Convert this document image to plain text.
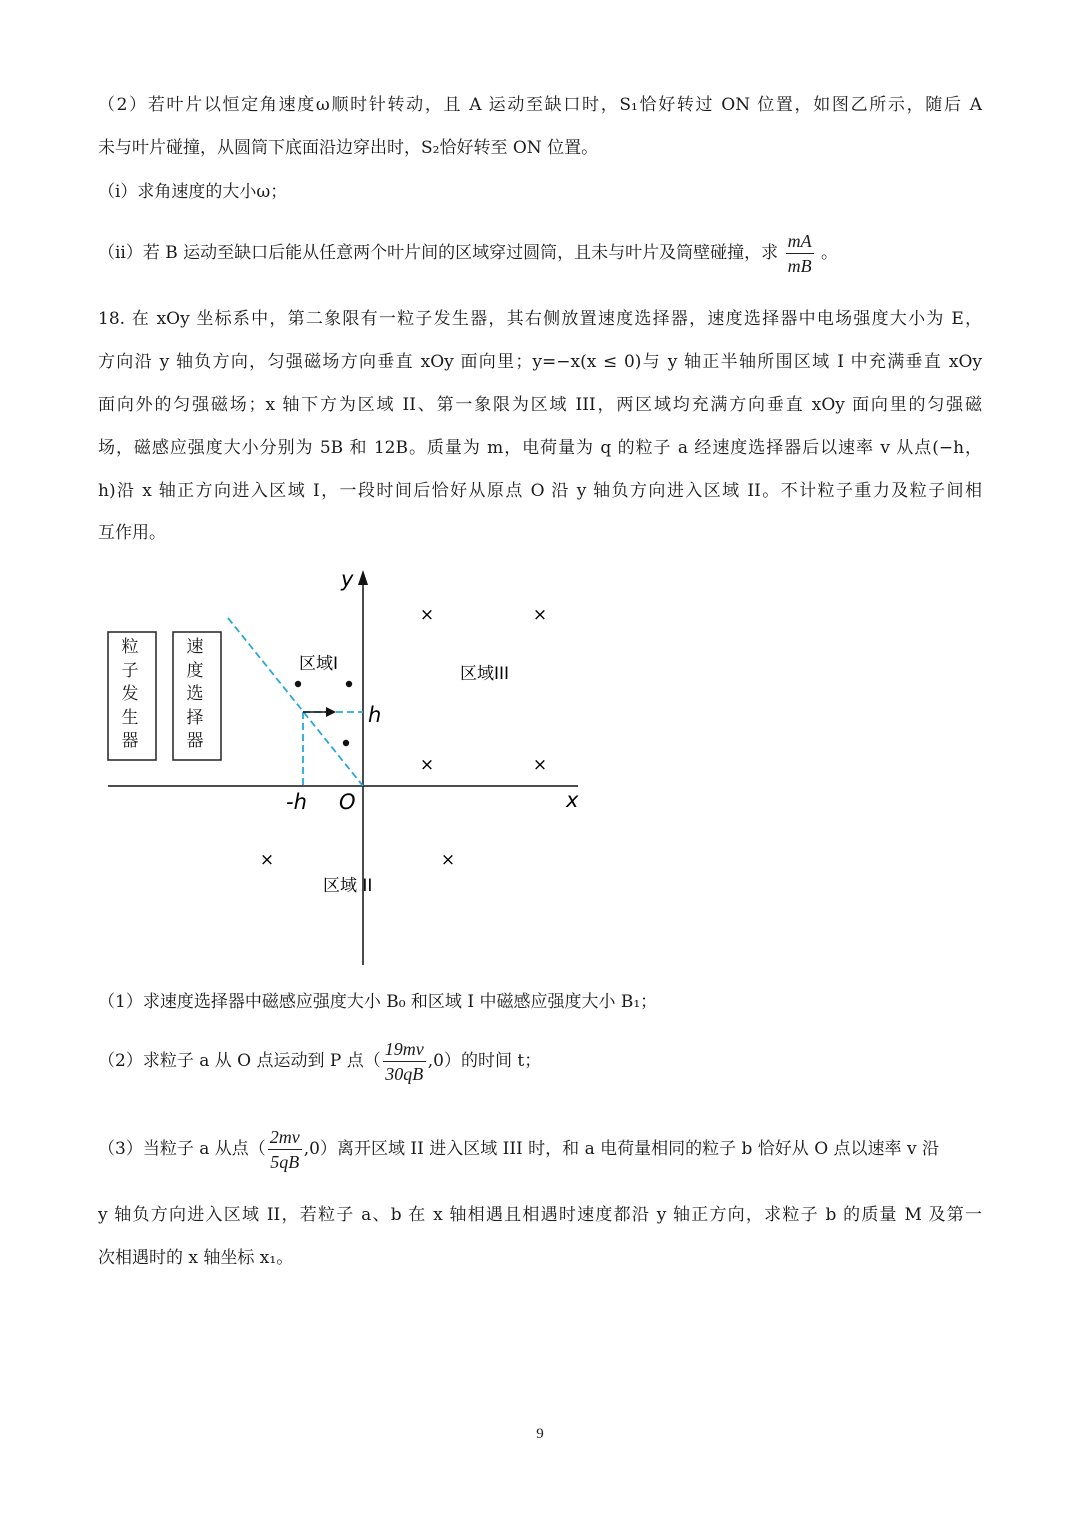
（2）若叶片以恒定角速度ω顺时针转动，且 A 运动至缺口时，S₁恰好转过 ON 位置，如图乙所示，随后 A
未与叶片碰撞，从圆筒下底面沿边穿出时，S₂恰好转至 ON 位置。
（i）求角速度的大小ω；
（ii）若 B 运动至缺口后能从任意两个叶片间的区域穿过圆筒，且未与叶片及筒壁碰撞，求 $\frac{mA}{mB}$ 。
18. 在 xOy 坐标系中，第二象限有一粒子发生器，其右侧放置速度选择器，速度选择器中电场强度大小为 E，
方向沿 y 轴负方向，匀强磁场方向垂直 xOy 面向里；y=−x(x ≤ 0)与 y 轴正半轴所围区域 I 中充满垂直 xOy
面向外的匀强磁场；x 轴下方为区域 II、第一象限为区域 III，两区域均充满方向垂直 xOy 面向里的匀强磁
场，磁感应强度大小分别为 5B 和 12B。质量为 m，电荷量为 q 的粒子 a 经速度选择器后以速率 v 从点(−h，
h)沿 x 轴正方向进入区域 I，一段时间后恰好从原点 O 沿 y 轴负方向进入区域 II。不计粒子重力及粒子间相
互作用。
×	×
×	×
×	×
y
x
O
-h
h
区域I	区域III
区域 II
粒
子
发
生
器
速
度
选
择
器
（1）求速度选择器中磁感应强度大小 B₀ 和区域 I 中磁感应强度大小 B₁；
（2）求粒子 a 从 O 点运动到 P 点（ $\frac{19mv}{30qB} ,0$）的时间 t；
（3）当粒子 a 从点（ $\frac{2mv}{5qB} ,0$）离开区域 II 进入区域 III 时，和 a 电荷量相同的粒子 b 恰好从 O 点以速率 v 沿
y 轴负方向进入区域 II，若粒子 a、b 在 x 轴相遇且相遇时速度都沿 y 轴正方向，求粒子 b 的质量 M 及第一
次相遇时的 x 轴坐标 x₁。
9
